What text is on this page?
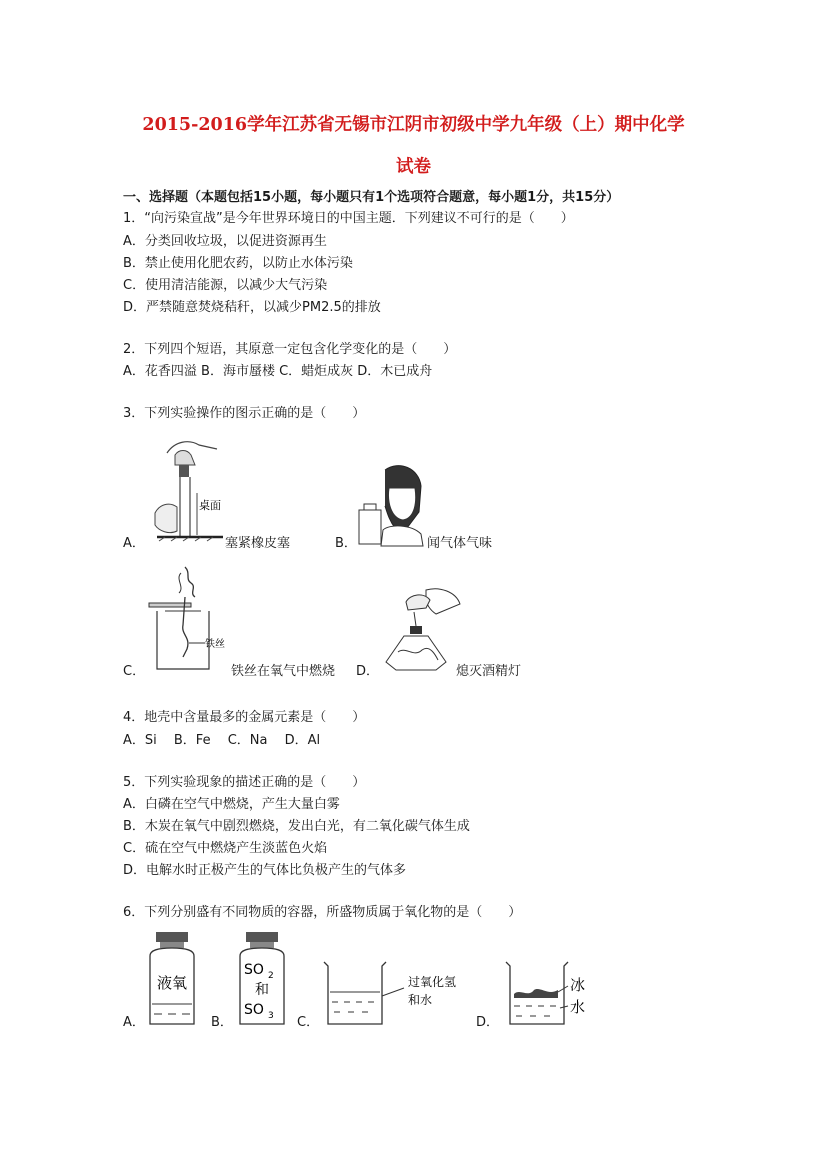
2015-2016学年江苏省无锡市江阴市初级中学九年级（上）期中化学
试卷
一、选择题（本题包括15小题，每小题只有1个选项符合题意，每小题1分，共15分）
1．“向污染宣战”是今年世界环境日的中国主题．下列建议不可行的是（　　）
A．分类回收垃圾，以促进资源再生
B．禁止使用化肥农药，以防止水体污染
C．使用清洁能源，以减少大气污染
D．严禁随意焚烧秸秆，以减少PM2.5的排放
2．下列四个短语，其原意一定包含化学变化的是（　　）
A．花香四溢 B．海市蜃楼 C．蜡炬成灰 D．木已成舟
3．下列实验操作的图示正确的是（　　）
桌面
A．	塞紧橡皮塞	B．	闻气体气味
铁丝
C．	铁丝在氧气中燃烧 D．	熄灭酒精灯
4．地壳中含量最多的金属元素是（　　）
A．Si　 B．Fe　 C．Na　 D．Al
5．下列实验现象的描述正确的是（　　）
A．白磷在空气中燃烧，产生大量白雾
B．木炭在氧气中剧烈燃烧，发出白光，有二氧化碳气体生成
C．硫在空气中燃烧产生淡蓝色火焰
D．电解水时正极产生的气体比负极产生的气体多
6．下列分别盛有不同物质的容器，所盛物质属于氧化物的是（　　）
液氧
A．
SO 2
和
SO 3
B．
过氧化氢
和水
C．
冰
水
D．
